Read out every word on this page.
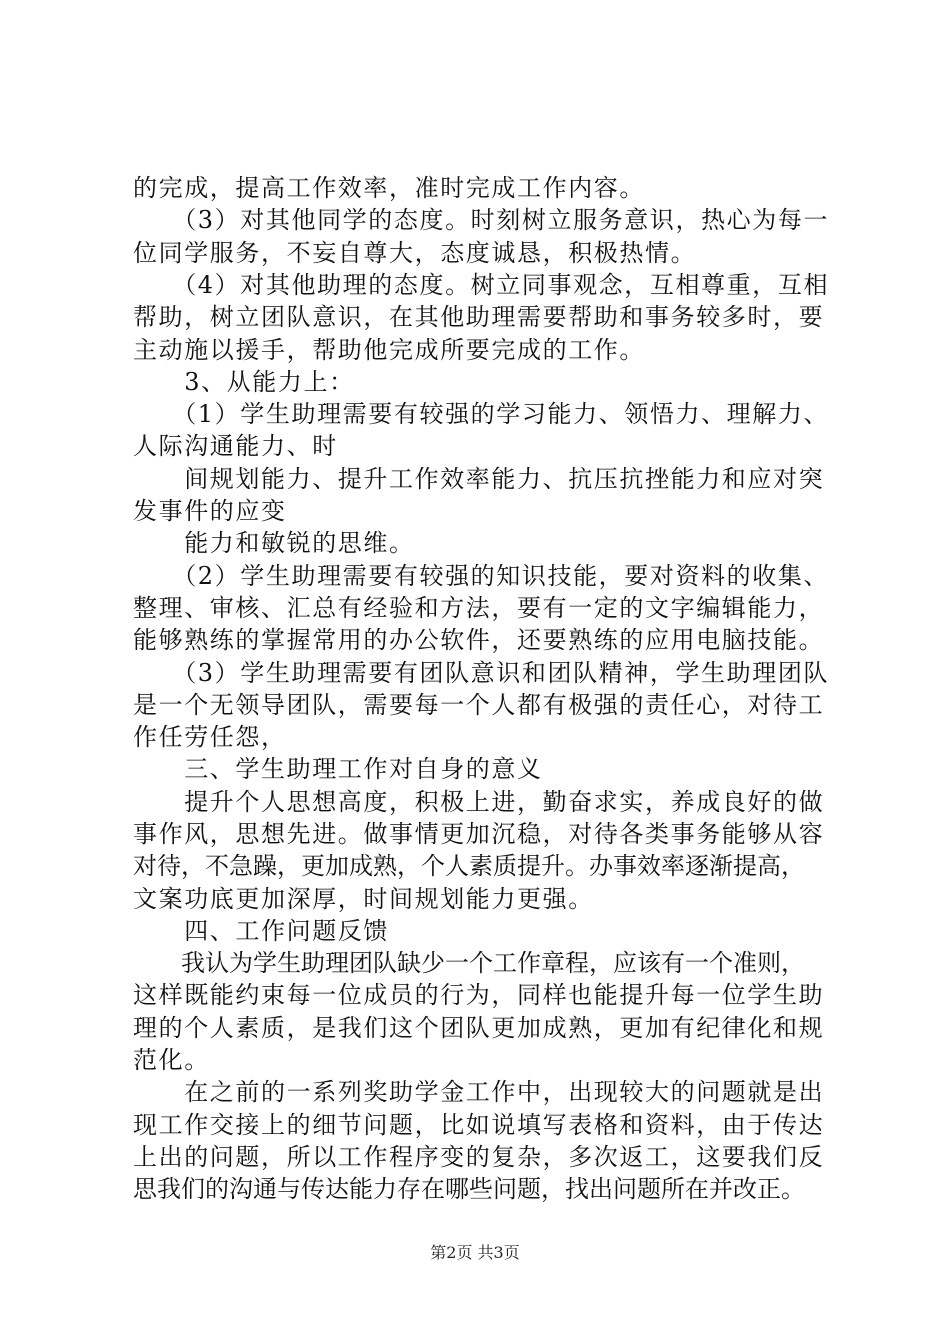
的完成，提高工作效率，准时完成工作内容。
　　（3）对其他同学的态度。时刻树立服务意识，热心为每一
位同学服务，不妄自尊大，态度诚恳，积极热情。
　　（4）对其他助理的态度。树立同事观念，互相尊重，互相
帮助，树立团队意识，在其他助理需要帮助和事务较多时，要
主动施以援手，帮助他完成所要完成的工作。
　　3、从能力上：
　　（1）学生助理需要有较强的学习能力、领悟力、理解力、
人际沟通能力、时
　　间规划能力、提升工作效率能力、抗压抗挫能力和应对突
发事件的应变
　　能力和敏锐的思维。
　　（2）学生助理需要有较强的知识技能，要对资料的收集、
整理、审核、汇总有经验和方法，要有一定的文字编辑能力，
能够熟练的掌握常用的办公软件，还要熟练的应用电脑技能。
　　（3）学生助理需要有团队意识和团队精神，学生助理团队
是一个无领导团队，需要每一个人都有极强的责任心，对待工
作任劳任怨，
　　三、学生助理工作对自身的意义
　　提升个人思想高度，积极上进，勤奋求实，养成良好的做
事作风，思想先进。做事情更加沉稳，对待各类事务能够从容
对待，不急躁，更加成熟，个人素质提升。办事效率逐渐提高，
文案功底更加深厚，时间规划能力更强。
　　四、工作问题反馈
　　我认为学生助理团队缺少一个工作章程，应该有一个准则，
这样既能约束每一位成员的行为，同样也能提升每一位学生助
理的个人素质，是我们这个团队更加成熟，更加有纪律化和规
范化。
　　在之前的一系列奖助学金工作中，出现较大的问题就是出
现工作交接上的细节问题，比如说填写表格和资料，由于传达
上出的问题，所以工作程序变的复杂，多次返工，这要我们反
思我们的沟通与传达能力存在哪些问题，找出问题所在并改正。
第2页 共3页
